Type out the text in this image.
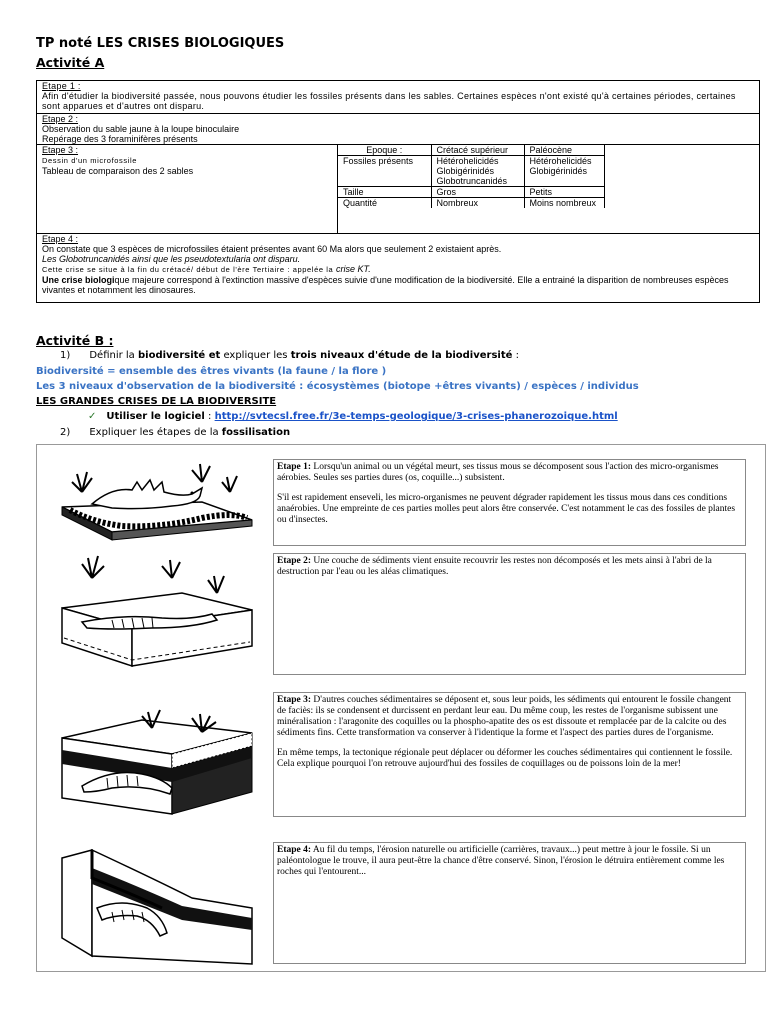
TP noté LES CRISES BIOLOGIQUES
Activité A
Etape 1 :
Afin d'étudier la biodiversité passée, nous pouvons étudier les fossiles présents dans les sables. Certaines espèces n'ont existé qu'à certaines périodes, certaines sont apparues et d'autres ont disparu.
Etape 2 :
Observation du sable jaune à la loupe binoculaire
Repérage des 3 foraminifères présents
Etape 3 :
Dessin d'un microfossile
Tableau de comparaison des 2 sables	
Epoque :	Crétacé supérieur	Paléocène	
Fossiles présents	Hétérohelicidés Globigérinidés Globotruncanidés	Hétérohelicidés Globigérinidés	
Taille	Gros	Petits	
Quantité	Nombreux	Moins nombreux	

Etape 4 :
On constate que 3 espèces de microfossiles étaient présentes avant 60 Ma alors que seulement 2 existaient après.
Les Globotruncanidés ainsi que les pseudotextularia ont disparu.
Cette crise se situe à la fin du crétacé/ début de l'ère Tertiaire : appelée la crise KT.
Une crise biologique majeure correspond à l'extinction massive d'espèces suivie d'une modification de la biodiversité. Elle a entrainé la disparition de nombreuses espèces vivantes et notamment les dinosaures.
Activité B :
1) Définir la biodiversité et expliquer les trois niveaux d'étude de la biodiversité :
Biodiversité = ensemble des êtres vivants (la faune / la flore )
Les 3 niveaux d'observation de la biodiversité : écosystèmes (biotope +êtres vivants) / espèces / individus
LES GRANDES CRISES DE LA BIODIVERSITE
✓ Utiliser le logiciel : http://svtecsl.free.fr/3e-temps-geologique/3-crises-phanerozoique.html
2) Expliquer les étapes de la fossilisation

Etape 1: Lorsqu'un animal ou un végétal meurt, ses tissus mous se décomposent sous l'action des micro-organismes aérobies. Seules ses parties dures (os, coquille...) subsistent.

S'il est rapidement enseveli, les micro-organismes ne peuvent dégrader rapidement les tissus mous dans ces conditions anaérobies. Une empreinte de ces parties molles peut alors être conservée. C'est notamment le cas des fossiles de plantes ou d'insectes.

Etape 2: Une couche de sédiments vient ensuite recouvrir les restes non décomposés et les mets ainsi à l'abri de la destruction par l'eau ou les aléas climatiques.

Etape 3: D'autres couches sédimentaires se déposent et, sous leur poids, les sédiments qui entourent le fossile changent de faciès: ils se condensent et durcissent en perdant leur eau. Du même coup, les restes de l'organisme subissent une minéralisation : l'aragonite des coquilles ou la phospho-apatite des os est dissoute et remplacée par de la calcite ou des sédiments fins. Cette transformation va conserver à l'identique la forme et l'aspect des parties dures de l'organisme.

En même temps, la tectonique régionale peut déplacer ou déformer les couches sédimentaires qui contiennent le fossile. Cela explique pourquoi l'on retrouve aujourd'hui des fossiles de coquillages ou de poissons loin de la mer!

Etape 4: Au fil du temps, l'érosion naturelle ou artificielle (carrières, travaux...) peut mettre à jour le fossile. Si un paléontologue le trouve, il aura peut-être la chance d'être conservé. Sinon, l'érosion le détruira entièrement comme les roches qui l'entourent...
